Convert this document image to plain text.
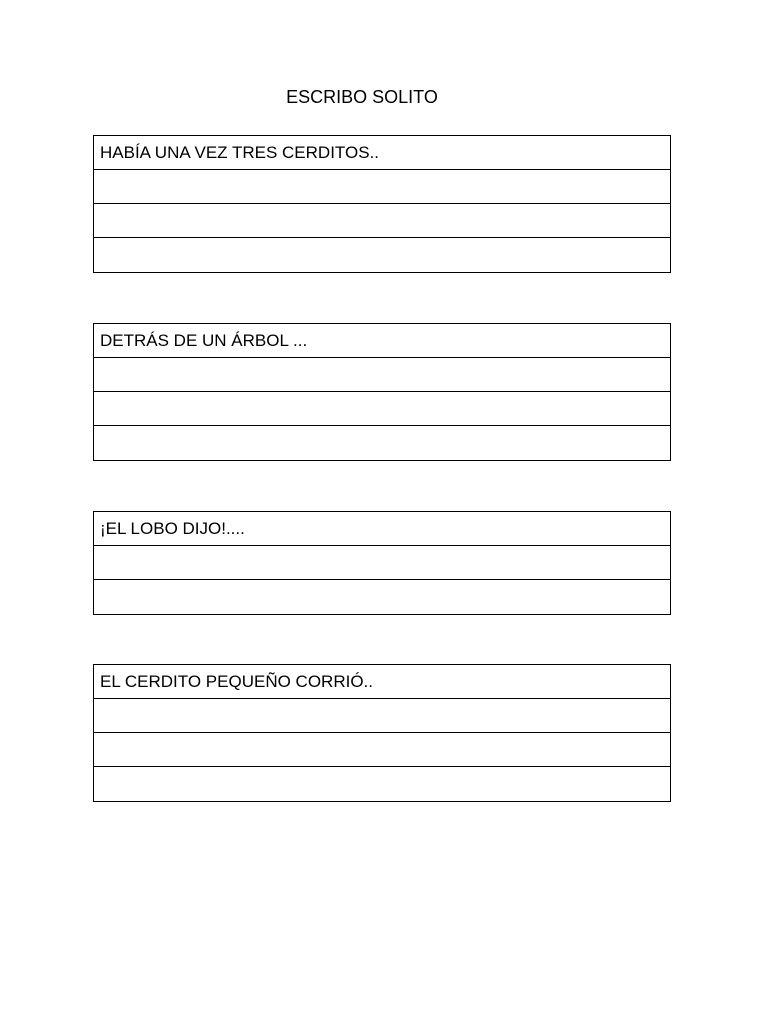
ESCRIBO SOLITO
HABÍA UNA VEZ TRES CERDITOS..
DETRÁS DE UN ÁRBOL ...
¡EL LOBO DIJO!....
EL CERDITO PEQUEÑO CORRIÓ..
